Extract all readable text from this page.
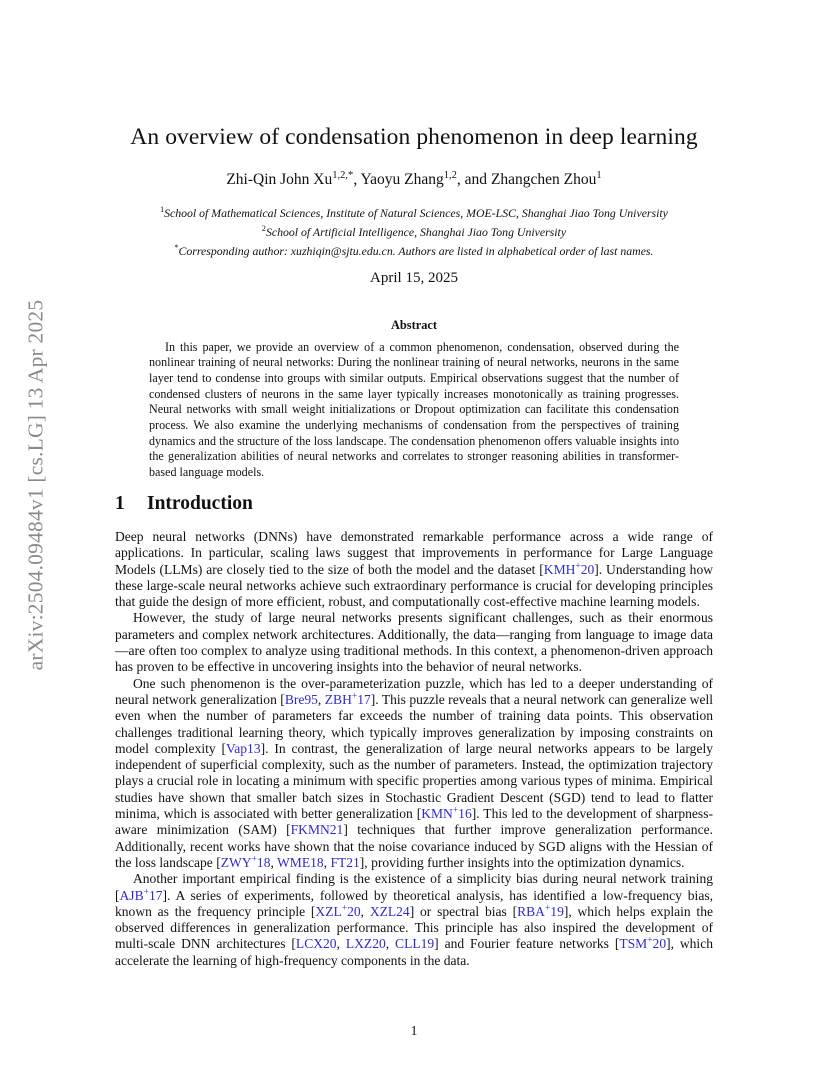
arXiv:2504.09484v1 [cs.LG] 13 Apr 2025
An overview of condensation phenomenon in deep learning
Zhi-Qin John $Xu^{1,2,*}$, Yaoyu Zhang$^{1,2}$, and Zhangchen Zhou$^1$
$^1$School of Mathematical Sciences, Institute of Natural Sciences, MOE-LSC, Shanghai Jiao Tong University
$^2$School of Artificial Intelligence, Shanghai Jiao Tong University
*Corresponding author: xuzhiqin@sjtu.edu.cn. Authors are listed in alphabetical order of last names.
April 15, 2025
Abstract

In this paper, we provide an overview of a common phenomenon, condensation, observed during the nonlinear training of neural networks: During the nonlinear training of neural networks, neurons in the same layer tend to condense into groups with similar outputs. Empirical observations suggest that the number of condensed clusters of neurons in the same layer typically increases monotonically as training progresses. Neural networks with small weight initializations or Dropout optimization can facilitate this condensation process. We also examine the underlying mechanisms of condensation from the perspectives of training dynamics and the structure of the loss landscape. The condensation phenomenon offers valuable insights into the generalization abilities of neural networks and correlates to stronger reasoning abilities in transformer-based language models.

1 Introduction

Deep neural networks (DNNs) have demonstrated remarkable performance across a wide range of applications. In particular, scaling laws suggest that improvements in performance for Large Language Models (LLMs) are closely tied to the size of both the model and the dataset [KMH+20]. Understanding how these large-scale neural networks achieve such extraordinary performance is crucial for developing principles that guide the design of more efficient, robust, and computationally cost-effective machine learning models.

However, the study of large neural networks presents significant challenges, such as their enormous parameters and complex network architectures. Additionally, the data—ranging from language to image data—are often too complex to analyze using traditional methods. In this context, a phenomenon-driven approach has proven to be effective in uncovering insights into the behavior of neural networks.

One such phenomenon is the over-parameterization puzzle, which has led to a deeper understanding of neural network generalization [Bre95, ZBH+17]. This puzzle reveals that a neural network can generalize well even when the number of parameters far exceeds the number of training data points. This observation challenges traditional learning theory, which typically improves generalization by imposing constraints on model complexity [Vap13]. In contrast, the generalization of large neural networks appears to be largely independent of superficial complexity, such as the number of parameters. Instead, the optimization trajectory plays a crucial role in locating a minimum with specific properties among various types of minima. Empirical studies have shown that smaller batch sizes in Stochastic Gradient Descent (SGD) tend to lead to flatter minima, which is associated with better generalization [KMN+16]. This led to the development of sharpness-aware minimization (SAM) [FKMN21] techniques that further improve generalization performance. Additionally, recent works have shown that the noise covariance induced by SGD aligns with the Hessian of the loss landscape [ZWY+18, WME18, FT21], providing further insights into the optimization dynamics.

Another important empirical finding is the existence of a simplicity bias during neural network training [AJB+17]. A series of experiments, followed by theoretical analysis, has identified a low-frequency bias, known as the frequency principle [XZL+20, XZL24] or spectral bias [RBA+19], which helps explain the observed differences in generalization performance. This principle has also inspired the development of multi-scale DNN architectures [LCX20, LXZ20, CLL19] and Fourier feature networks [TSM+20], which accelerate the learning of high-frequency components in the data.

1
